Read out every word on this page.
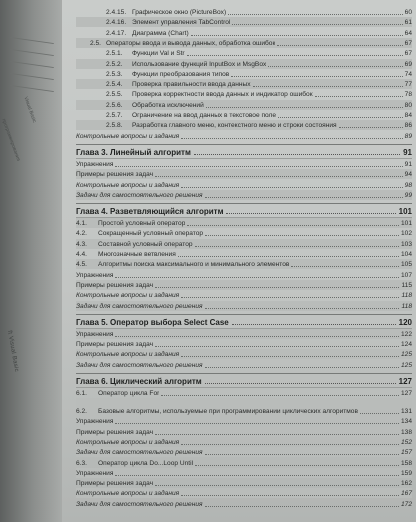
программирования
Visual Basic
ft Visual Basic
2.4.15. Графическое окно (PictureBox)	60
2.4.16. Элемент управления TabControl	61
2.4.17. Диаграмма (Chart)	64
2.5. Операторы ввода и вывода данных, обработка ошибок	67
2.5.1.	Функции Val и Str	67
2.5.2.	Использование функций InputBox и MsgBox	69
2.5.3.	Функции преобразования типов	74
2.5.4.	Проверка правильности ввода данных	77
2.5.5.	Проверка корректности ввода данных и индикатор ошибок	78
2.5.6.	Обработка исключений	80
2.5.7.	Ограничение на ввод данных в текстовое поле	84
2.5.8.	Разработка главного меню, контекстного меню и строки состояния	86
Контрольные вопросы и задания	89
Глава 3. Линейный алгоритм	91
Упражнения	91
Примеры решения задач	94
Контрольные вопросы и задания	98
Задачи для самостоятельного решения	99
Глава 4. Разветвляющийся алгоритм	101
4.1.	Простой условный оператор	101
4.2.	Сокращенный условный оператор	102
4.3.	Составной условный оператор	103
4.4.	Многозначные ветвления	104
4.5.	Алгоритмы поиска максимального и минимального элементов	105
Упражнения	107
Примеры решения задач	115
Контрольные вопросы и задания	118
Задачи для самостоятельного решения	118
Глава 5. Оператор выбора Select Case	120
Упражнения	122
Примеры решения задач	124
Контрольные вопросы и задания	125
Задачи для самостоятельного решения	125
Глава 6. Циклический алгоритм	127
6.1.	Оператор цикла For	127
6.2.	Базовые алгоритмы, используемые при программировании циклических алгоритмов	131
Упражнения	134
Примеры решения задач	138
Контрольные вопросы и задания	152
Задачи для самостоятельного решения	157
6.3.	Оператор цикла Do...Loop Until	158
Упражнения	159
Примеры решения задач	162
Контрольные вопросы и задания	167
Задачи для самостоятельного решения	172
